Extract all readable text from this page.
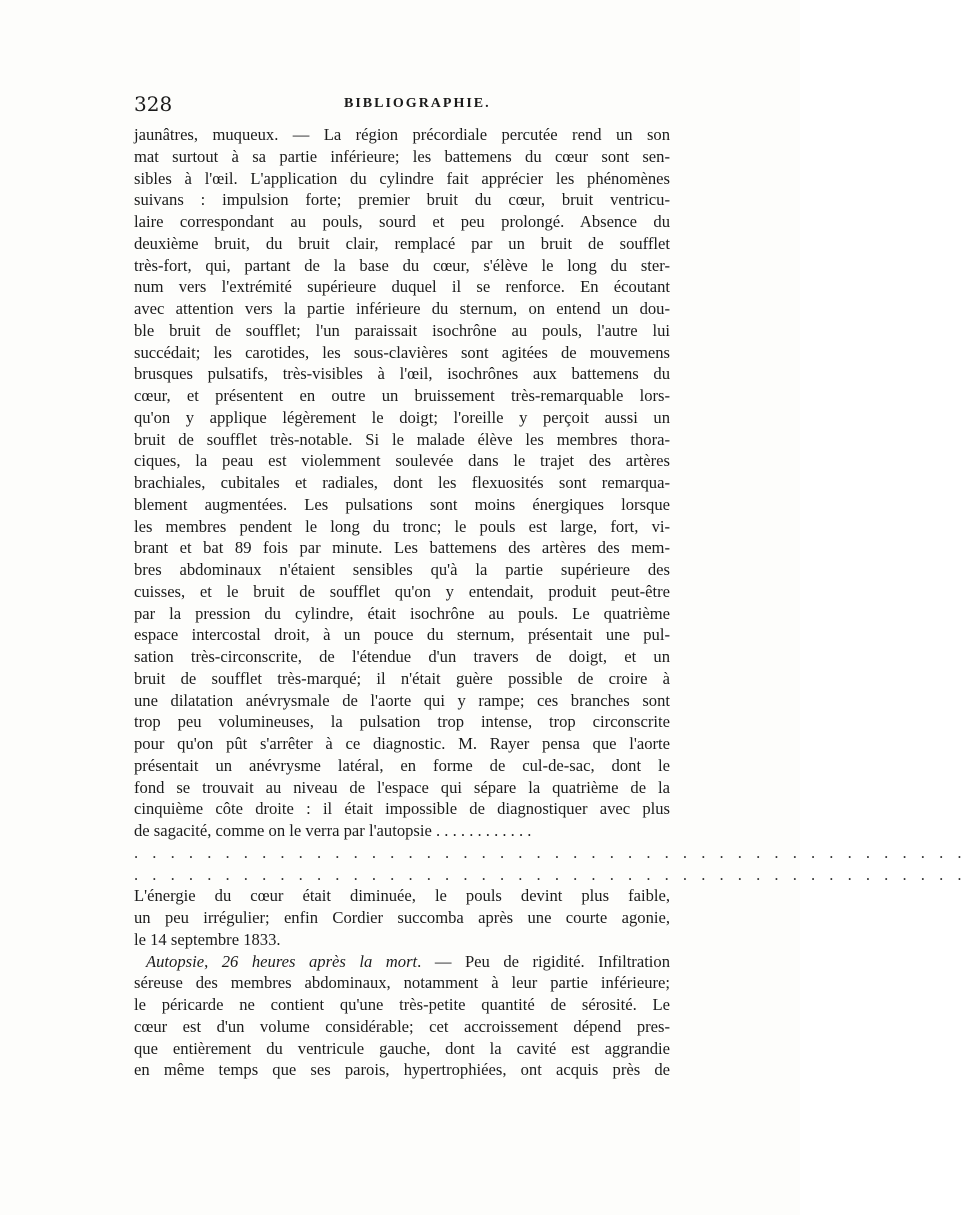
328	BIBLIOGRAPHIE.
jaunâtres, muqueux. — La région précordiale percutée rend un son
mat surtout à sa partie inférieure; les battemens du cœur sont sen-
sibles à l'œil. L'application du cylindre fait apprécier les phénomènes
suivans : impulsion forte; premier bruit du cœur, bruit ventricu-
laire correspondant au pouls, sourd et peu prolongé. Absence du
deuxième bruit, du bruit clair, remplacé par un bruit de soufflet
très-fort, qui, partant de la base du cœur, s'élève le long du ster-
num vers l'extrémité supérieure duquel il se renforce. En écoutant
avec attention vers la partie inférieure du sternum, on entend un dou-
ble bruit de soufflet; l'un paraissait isochrône au pouls, l'autre lui
succédait; les carotides, les sous-clavières sont agitées de mouvemens
brusques pulsatifs, très-visibles à l'œil, isochrônes aux battemens du
cœur, et présentent en outre un bruissement très-remarquable lors-
qu'on y applique légèrement le doigt; l'oreille y perçoit aussi un
bruit de soufflet très-notable. Si le malade élève les membres thora-
ciques, la peau est violemment soulevée dans le trajet des artères
brachiales, cubitales et radiales, dont les flexuosités sont remarqua-
blement augmentées. Les pulsations sont moins énergiques lorsque
les membres pendent le long du tronc; le pouls est large, fort, vi-
brant et bat 89 fois par minute. Les battemens des artères des mem-
bres abdominaux n'étaient sensibles qu'à la partie supérieure des
cuisses, et le bruit de soufflet qu'on y entendait, produit peut-être
par la pression du cylindre, était isochrône au pouls. Le quatrième
espace intercostal droit, à un pouce du sternum, présentait une pul-
sation très-circonscrite, de l'étendue d'un travers de doigt, et un
bruit de soufflet très-marqué; il n'était guère possible de croire à
une dilatation anévrysmale de l'aorte qui y rampe; ces branches sont
trop peu volumineuses, la pulsation trop intense, trop circonscrite
pour qu'on pût s'arrêter à ce diagnostic. M. Rayer pensa que l'aorte
présentait un anévrysme latéral, en forme de cul-de-sac, dont le
fond se trouvait au niveau de l'espace qui sépare la quatrième de la
cinquième côte droite : il était impossible de diagnostiquer avec plus
de sagacité, comme on le verra par l'autopsie . . . . . . . . . . . .
. . . . . . . . . . . . . . . . . . . . . . . . . . . . . . . . . . . . . . . . . . . . . .
. . . . . . . . . . . . . . . . . . . . . . . . . . . . . . . . . . . . . . . . . . . . . .
L'énergie du cœur était diminuée, le pouls devint plus faible,
un peu irrégulier; enfin Cordier succomba après une courte agonie,
le 14 septembre 1833.
Autopsie, 26 heures après la mort. — Peu de rigidité. Infiltration
séreuse des membres abdominaux, notamment à leur partie inférieure;
le péricarde ne contient qu'une très-petite quantité de sérosité. Le
cœur est d'un volume considérable; cet accroissement dépend pres-
que entièrement du ventricule gauche, dont la cavité est aggrandie
en même temps que ses parois, hypertrophiées, ont acquis près de
